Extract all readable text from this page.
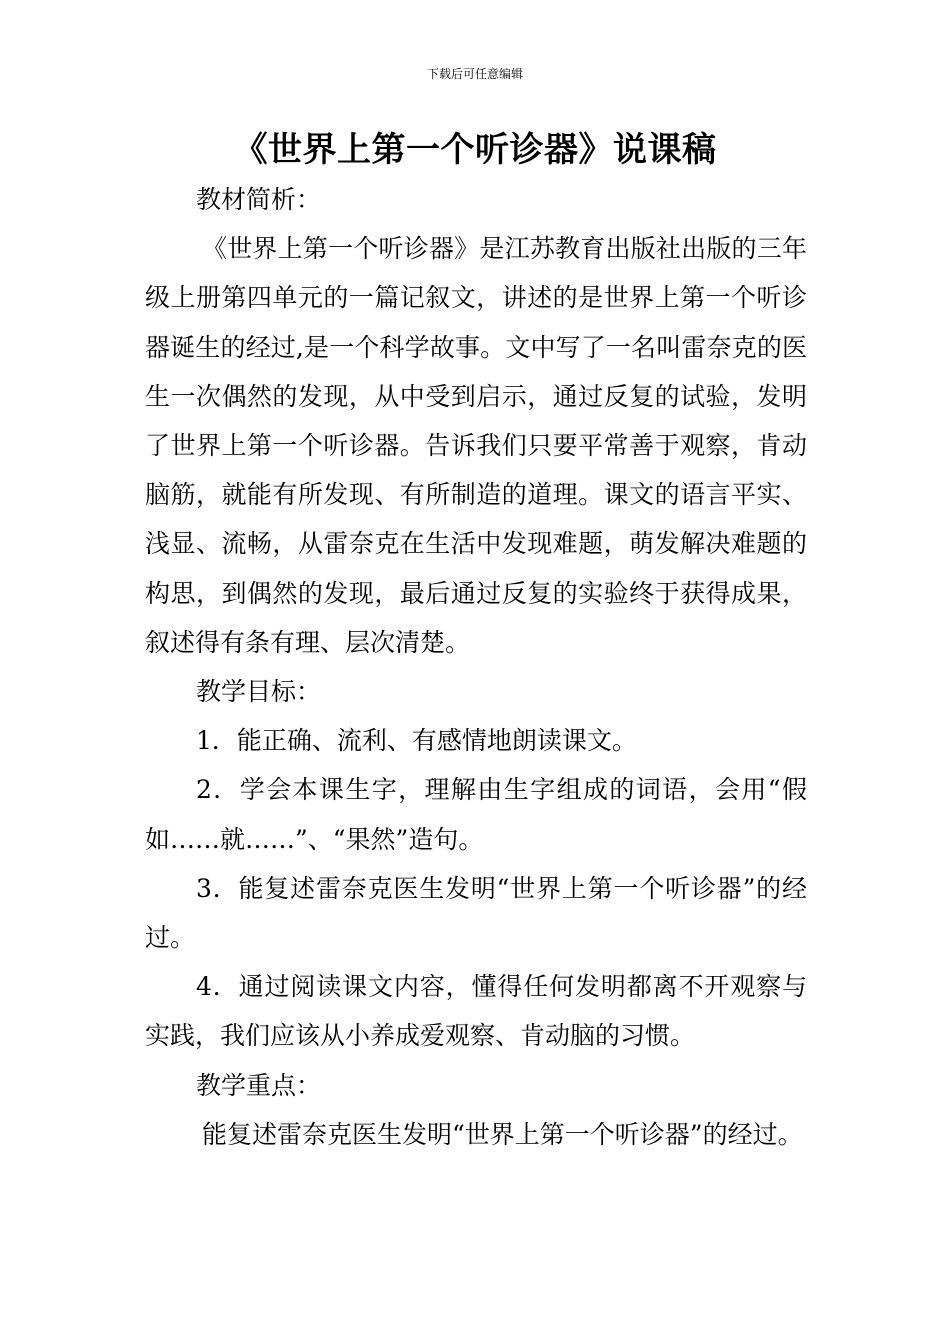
下载后可任意编辑
《世界上第一个听诊器》说课稿

教材简析：

《世界上第一个听诊器》是江苏教育出版社出版的三年级上册第四单元的一篇记叙文，讲述的是世界上第一个听诊器诞生的经过,是一个科学故事。文中写了一名叫雷奈克的医生一次偶然的发现，从中受到启示，通过反复的试验，发明了世界上第一个听诊器。告诉我们只要平常善于观察，肯动脑筋，就能有所发现、有所制造的道理。课文的语言平实、浅显、流畅，从雷奈克在生活中发现难题，萌发解决难题的构思，到偶然的发现，最后通过反复的实验终于获得成果，叙述得有条有理、层次清楚。

教学目标：

1．能正确、流利、有感情地朗读课文。

2．学会本课生字，理解由生字组成的词语，会用“假如……就……”、“果然”造句。

3．能复述雷奈克医生发明“世界上第一个听诊器”的经过。

4．通过阅读课文内容，懂得任何发明都离不开观察与实践，我们应该从小养成爱观察、肯动脑的习惯。

教学重点：

能复述雷奈克医生发明“世界上第一个听诊器”的经过。
